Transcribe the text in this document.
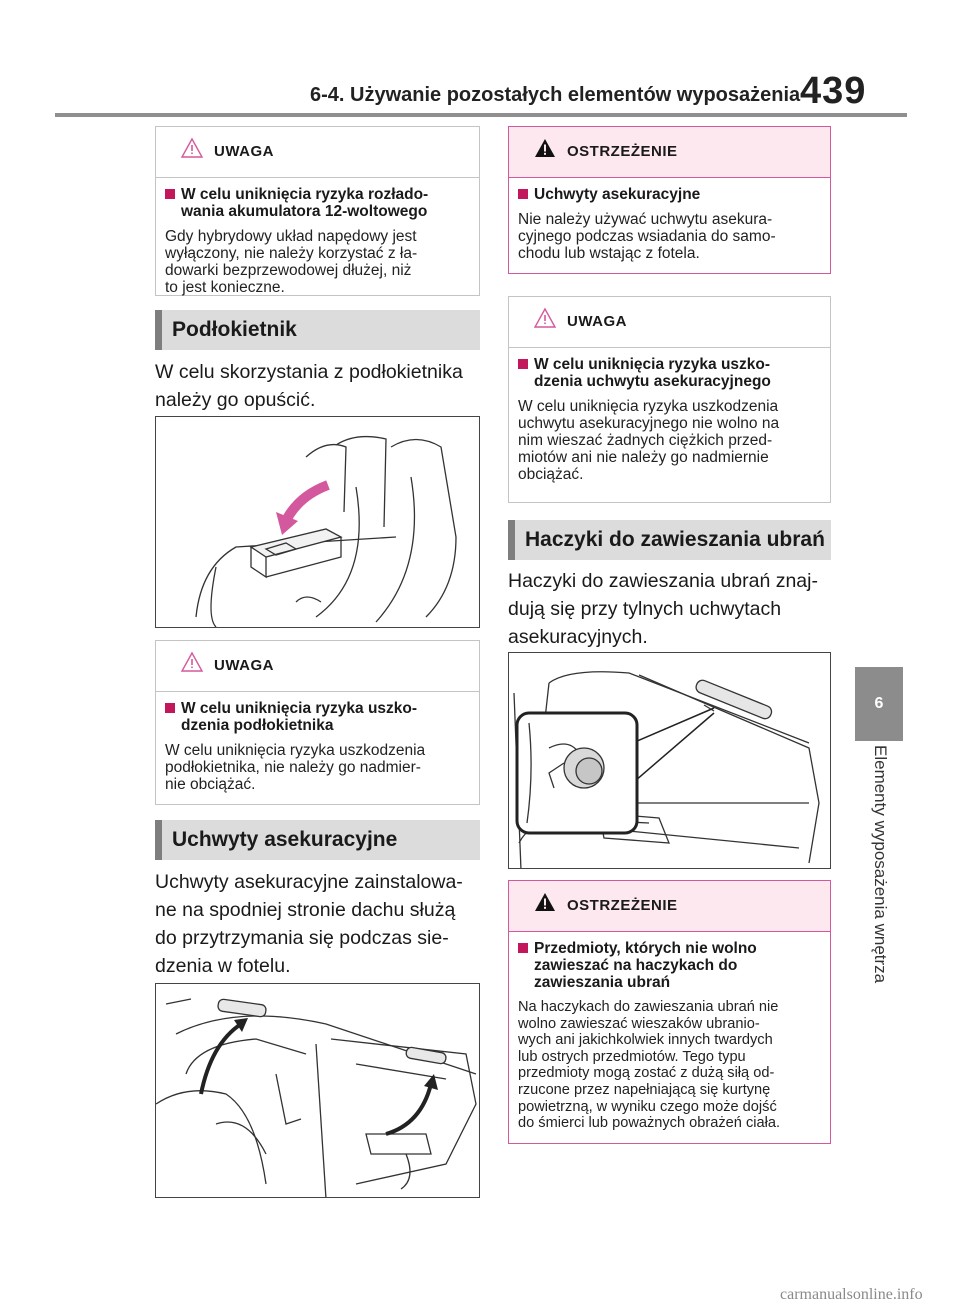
6-4. Używanie pozostałych elementów wyposażenia 439
6
Elementy wyposażenia wnętrza
UWAGA
W celu uniknięcia ryzyka rozłado-
wania akumulatora 12-woltowego
Gdy hybrydowy układ napędowy jest
wyłączony, nie należy korzystać z ła-
dowarki bezprzewodowej dłużej, niż
to jest konieczne.
Podłokietnik
W celu skorzystania z podłokietnika
należy go opuścić.
UWAGA
W celu uniknięcia ryzyka uszko-
dzenia podłokietnika
W celu uniknięcia ryzyka uszkodzenia
podłokietnika, nie należy go nadmier-
nie obciążać.
Uchwyty asekuracyjne
Uchwyty asekuracyjne zainstalowa-
ne na spodniej stronie dachu służą
do przytrzymania się podczas sie-
dzenia w fotelu.
OSTRZEŻENIE
Uchwyty asekuracyjne
Nie należy używać uchwytu asekura-
cyjnego podczas wsiadania do samo-
chodu lub wstając z fotela.
UWAGA
W celu uniknięcia ryzyka uszko-
dzenia uchwytu asekuracyjnego
W celu uniknięcia ryzyka uszkodzenia
uchwytu asekuracyjnego nie wolno na
nim wieszać żadnych ciężkich przed-
miotów ani nie należy go nadmiernie
obciążać.
Haczyki do zawieszania ubrań
Haczyki do zawieszania ubrań znaj-
dują się przy tylnych uchwytach
asekuracyjnych.
OSTRZEŻENIE
Przedmioty, których nie wolno
zawieszać na haczykach do
zawieszania ubrań
Na haczykach do zawieszania ubrań nie
wolno zawieszać wieszaków ubranio-
wych ani jakichkolwiek innych twardych
lub ostrych przedmiotów. Tego typu
przedmioty mogą zostać z dużą siłą od-
rzucone przez napełniającą się kurtynę
powietrzną, w wyniku czego może dojść
do śmierci lub poważnych obrażeń ciała.
carmanualsonline.info
